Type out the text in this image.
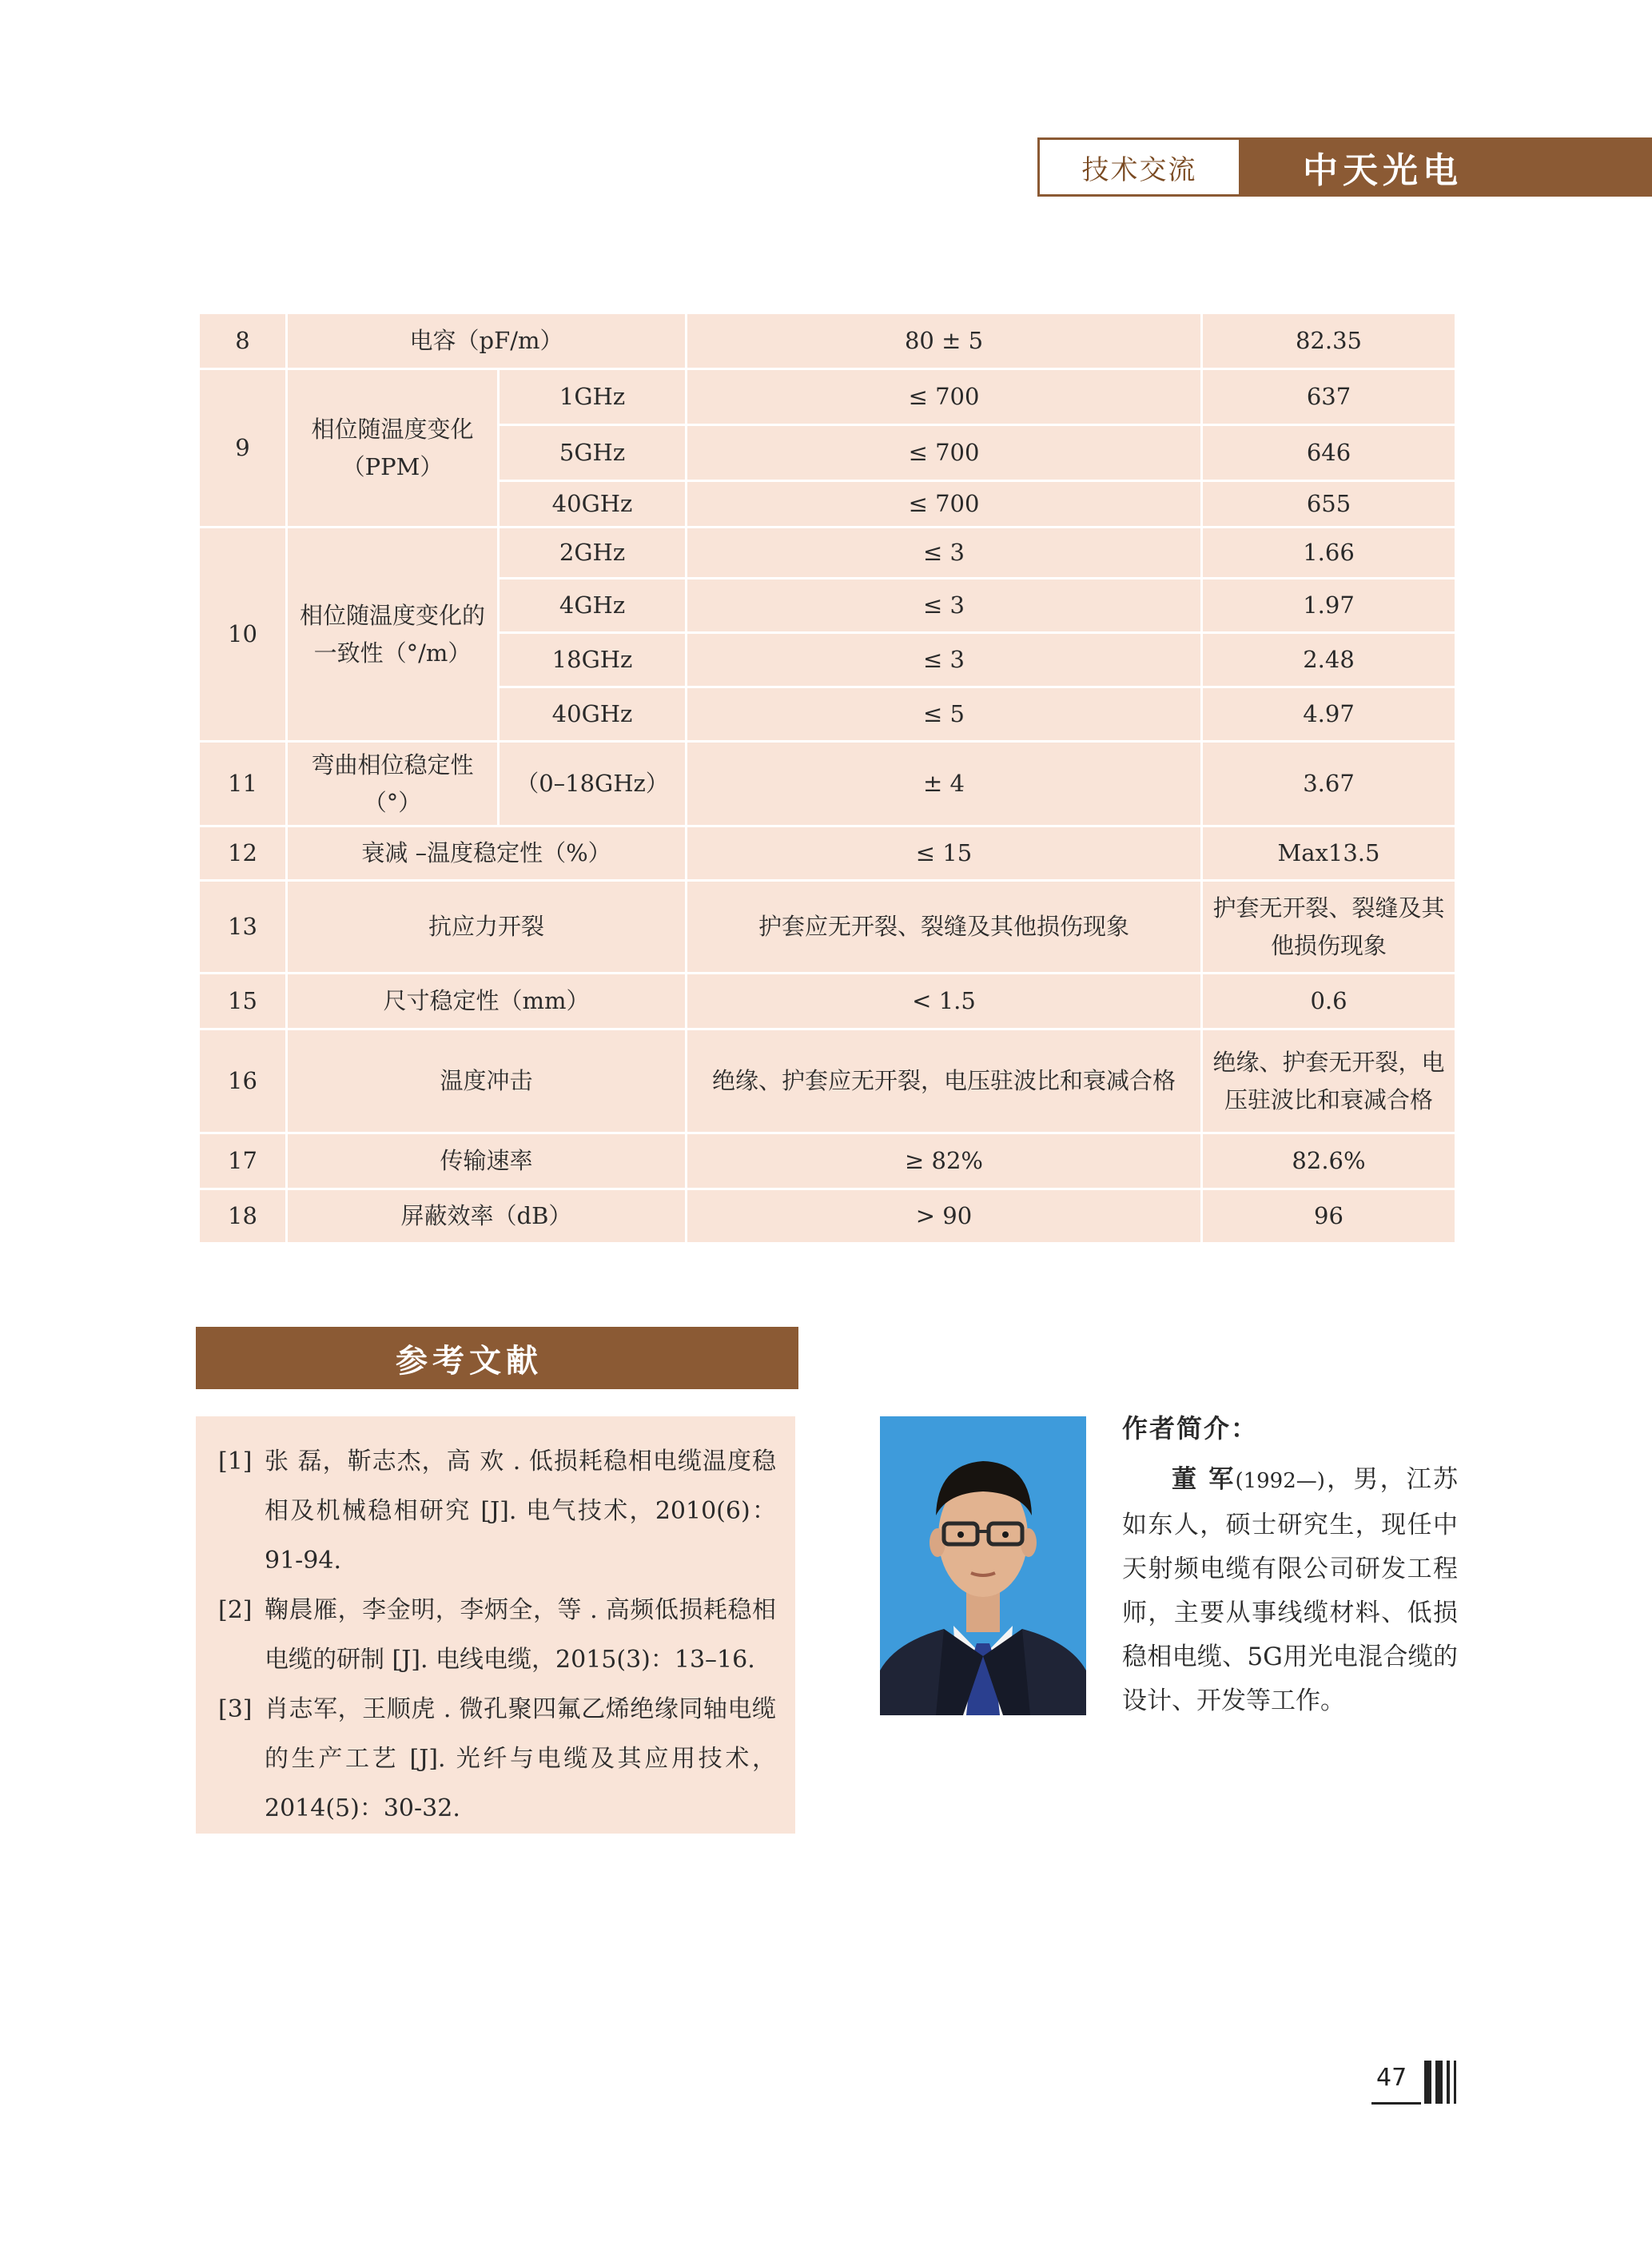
技术交流	中天光电
8	电容（pF/m）		80 ± 5	82.35
9	相位随温度变化（PPM）	1GHz	≤ 700	637
		5GHz	≤ 700	646
		40GHz	≤ 700	655
10	相位随温度变化的一致性（°/m）	2GHz	≤ 3	1.66
		4GHz	≤ 3	1.97
		18GHz	≤ 3	2.48
		40GHz	≤ 5	4.97
11	弯曲相位稳定性（°）	（0–18GHz）	± 4	3.67
12	衰减 –温度稳定性（%）		≤ 15	Max13.5
13	抗应力开裂		护套应无开裂、裂缝及其他损伤现象	护套无开裂、裂缝及其他损伤现象
15	尺寸稳定性（mm）		< 1.5	0.6
16	温度冲击		绝缘、护套应无开裂，电压驻波比和衰减合格	绝缘、护套无开裂，电压驻波比和衰减合格
17	传输速率		≥ 82%	82.6%
18	屏蔽效率（dB）		> 90	96
参考文献
[1] 张 磊，靳志杰，高 欢 . 低损耗稳相电缆温度稳相及机械稳相研究 [J]. 电气技术，2010(6)：91-94.
[2] 鞠晨雁，李金明，李炳全，等 . 高频低损耗稳相电缆的研制 [J]. 电线电缆，2015(3)：13–16.
[3] 肖志军，王顺虎 . 微孔聚四氟乙烯绝缘同轴电缆的生产工艺 [J]. 光纤与电缆及其应用技术，2014(5)：30-32.
作者简介：
董 军(1992—)，男，江苏如东人，硕士研究生，现任中天射频电缆有限公司研发工程师，主要从事线缆材料、低损稳相电缆、5G用光电混合缆的设计、开发等工作。
47
